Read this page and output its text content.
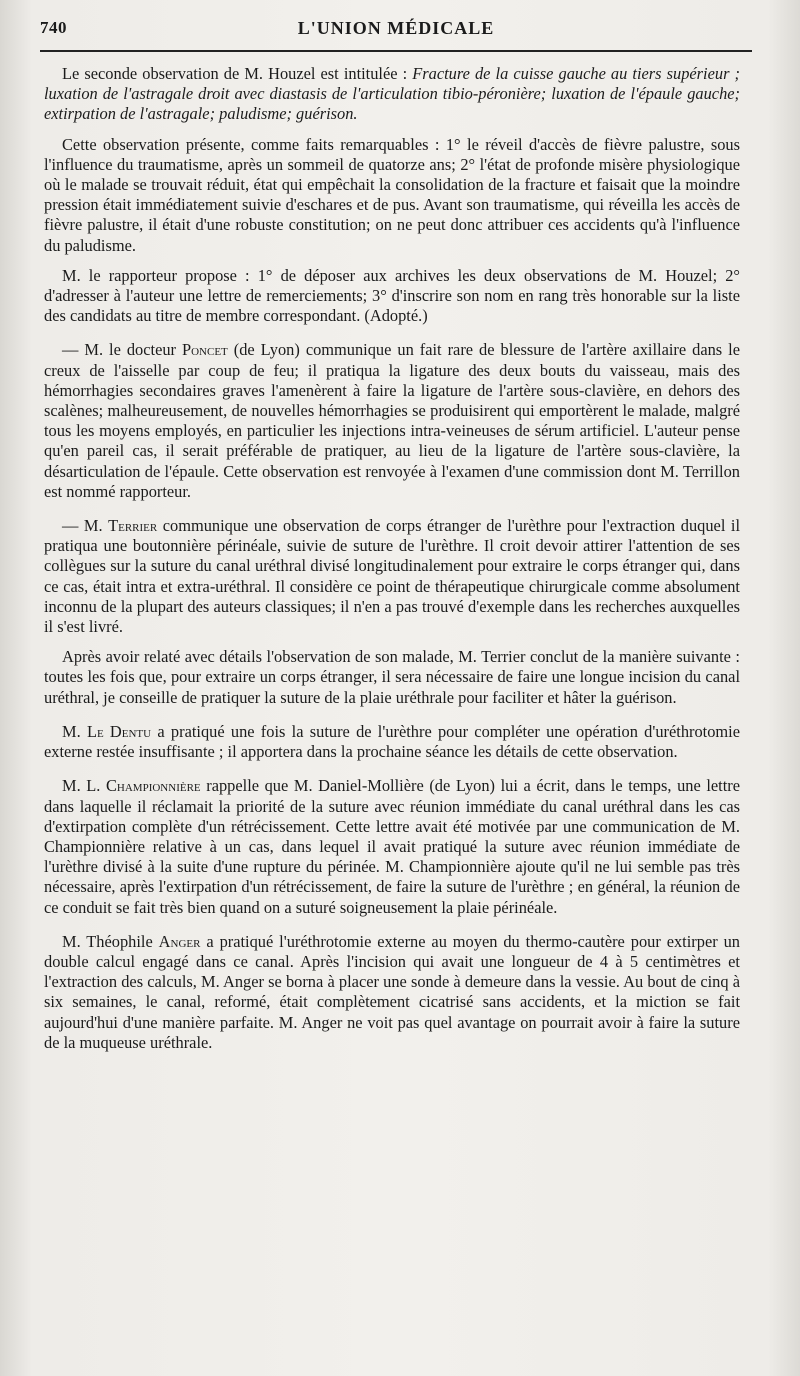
740	L'UNION MÉDICALE

Le seconde observation de M. Houzel est intitulée : Fracture de la cuisse gauche au tiers supérieur ; luxation de l'astragale droit avec diastasis de l'articulation tibio-péronière; luxation de l'épaule gauche; extirpation de l'astragale; paludisme; guérison.

Cette observation présente, comme faits remarquables : 1° le réveil d'accès de fièvre palustre, sous l'influence du traumatisme, après un sommeil de quatorze ans; 2° l'état de profonde misère physiologique où le malade se trouvait réduit, état qui empêchait la consolidation de la fracture et faisait que la moindre pression était immédiatement suivie d'eschares et de pus. Avant son traumatisme, qui réveilla les accès de fièvre palustre, il était d'une robuste constitution; on ne peut donc attribuer ces accidents qu'à l'influence du paludisme.

M. le rapporteur propose : 1° de déposer aux archives les deux observations de M. Houzel; 2° d'adresser à l'auteur une lettre de remerciements; 3° d'inscrire son nom en rang très honorable sur la liste des candidats au titre de membre correspondant. (Adopté.)

— M. le docteur Poncet (de Lyon) communique un fait rare de blessure de l'artère axillaire dans le creux de l'aisselle par coup de feu; il pratiqua la ligature des deux bouts du vaisseau, mais des hémorrhagies secondaires graves l'amenèrent à faire la ligature de l'artère sous-clavière, en dehors des scalènes; malheureusement, de nouvelles hémorrhagies se produisirent qui emportèrent le malade, malgré tous les moyens employés, en particulier les injections intra-veineuses de sérum artificiel. L'auteur pense qu'en pareil cas, il serait préférable de pratiquer, au lieu de la ligature de l'artère sous-clavière, la désarticulation de l'épaule. Cette observation est renvoyée à l'examen d'une commission dont M. Terrillon est nommé rapporteur.

— M. Terrier communique une observation de corps étranger de l'urèthre pour l'extraction duquel il pratiqua une boutonnière périnéale, suivie de suture de l'urèthre. Il croit devoir attirer l'attention de ses collègues sur la suture du canal uréthral divisé longitudinalement pour extraire le corps étranger qui, dans ce cas, était intra et extra-uréthral. Il considère ce point de thérapeutique chirurgicale comme absolument inconnu de la plupart des auteurs classiques; il n'en a pas trouvé d'exemple dans les recherches auxquelles il s'est livré.

Après avoir relaté avec détails l'observation de son malade, M. Terrier conclut de la manière suivante : toutes les fois que, pour extraire un corps étranger, il sera nécessaire de faire une longue incision du canal uréthral, je conseille de pratiquer la suture de la plaie uréthrale pour faciliter et hâter la guérison.

M. Le Dentu a pratiqué une fois la suture de l'urèthre pour compléter une opération d'uréthrotomie externe restée insuffisante ; il apportera dans la prochaine séance les détails de cette observation.

M. L. Championnière rappelle que M. Daniel-Mollière (de Lyon) lui a écrit, dans le temps, une lettre dans laquelle il réclamait la priorité de la suture avec réunion immédiate du canal uréthral dans les cas d'extirpation complète d'un rétrécissement. Cette lettre avait été motivée par une communication de M. Championnière relative à un cas, dans lequel il avait pratiqué la suture avec réunion immédiate de l'urèthre divisé à la suite d'une rupture du périnée. M. Championnière ajoute qu'il ne lui semble pas très nécessaire, après l'extirpation d'un rétrécissement, de faire la suture de l'urèthre ; en général, la réunion de ce conduit se fait très bien quand on a suturé soigneusement la plaie périnéale.

M. Théophile Anger a pratiqué l'uréthrotomie externe au moyen du thermo-cautère pour extirper un double calcul engagé dans ce canal. Après l'incision qui avait une longueur de 4 à 5 centimètres et l'extraction des calculs, M. Anger se borna à placer une sonde à demeure dans la vessie. Au bout de cinq à six semaines, le canal, reformé, était complètement cicatrisé sans accidents, et la miction se fait aujourd'hui d'une manière parfaite. M. Anger ne voit pas quel avantage on pourrait avoir à faire la suture de la muqueuse uréthrale.
